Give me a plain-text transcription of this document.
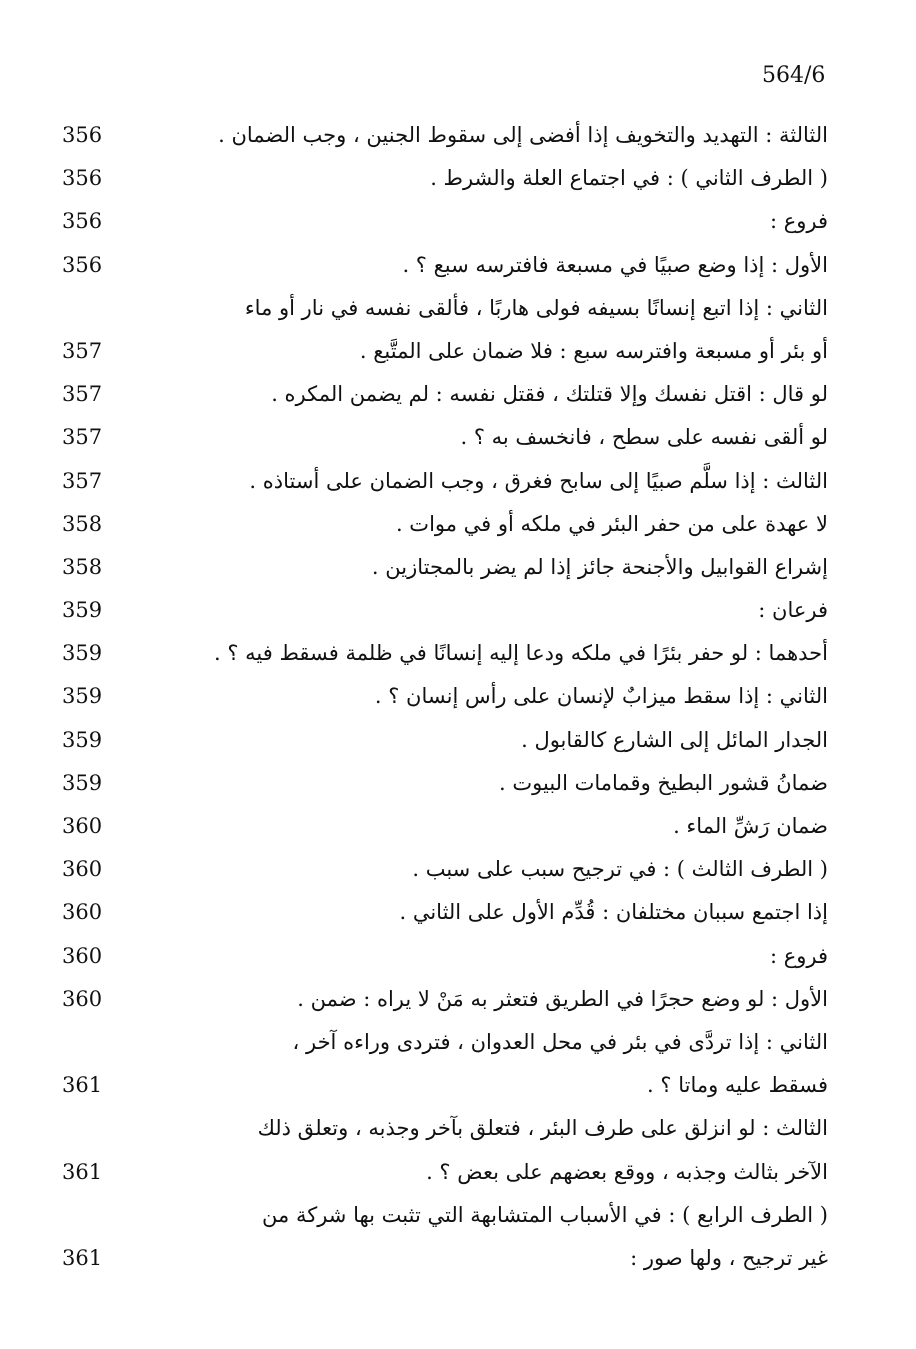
564/6
الثالثة : التهديد والتخويف إذا أفضى إلى سقوط الجنين ، وجب الضمان .
356
( الطرف الثاني ) : في اجتماع العلة والشرط .
356
فروع :
356
الأول : إذا وضع صبيًا في مسبعة فافترسه سبع ؟ .
356
الثاني : إذا اتبع إنسانًا بسيفه فولى هاربًا ، فألقى نفسه في نار أو ماء
أو بئر أو مسبعة وافترسه سبع : فلا ضمان على المتَّبع .
357
لو قال : اقتل نفسك وإلا قتلتك ، فقتل نفسه : لم يضمن المكره .
357
لو ألقى نفسه على سطح ، فانخسف به ؟ .
357
الثالث : إذا سلَّم صبيًا إلى سابح فغرق ، وجب الضمان على أستاذه .
357
لا عهدة على من حفر البئر في ملكه أو في موات .
358
إشراع القوابيل والأجنحة جائز إذا لم يضر بالمجتازين .
358
فرعان :
359
أحدهما : لو حفر بئرًا في ملكه ودعا إليه إنسانًا في ظلمة فسقط فيه ؟ .
359
الثاني : إذا سقط ميزابٌ لإنسان على رأس إنسان ؟ .
359
الجدار المائل إلى الشارع كالقابول .
359
ضمانُ قشور البطيخ وقمامات البيوت .
359
ضمان رَشِّ الماء .
360
( الطرف الثالث ) : في ترجيح سبب على سبب .
360
إذا اجتمع سببان مختلفان : قُدِّم الأول على الثاني .
360
فروع :
360
الأول : لو وضع حجرًا في الطريق فتعثر به مَنْ لا يراه : ضمن .
360
الثاني : إذا تردَّى في بئر في محل العدوان ، فتردى وراءه آخر ،
فسقط عليه وماتا ؟ .
361
الثالث : لو انزلق على طرف البئر ، فتعلق بآخر وجذبه ، وتعلق ذلك
الآخر بثالث وجذبه ، ووقع بعضهم على بعض ؟ .
361
( الطرف الرابع ) : في الأسباب المتشابهة التي تثبت بها شركة من
غير ترجيح ، ولها صور :
361
